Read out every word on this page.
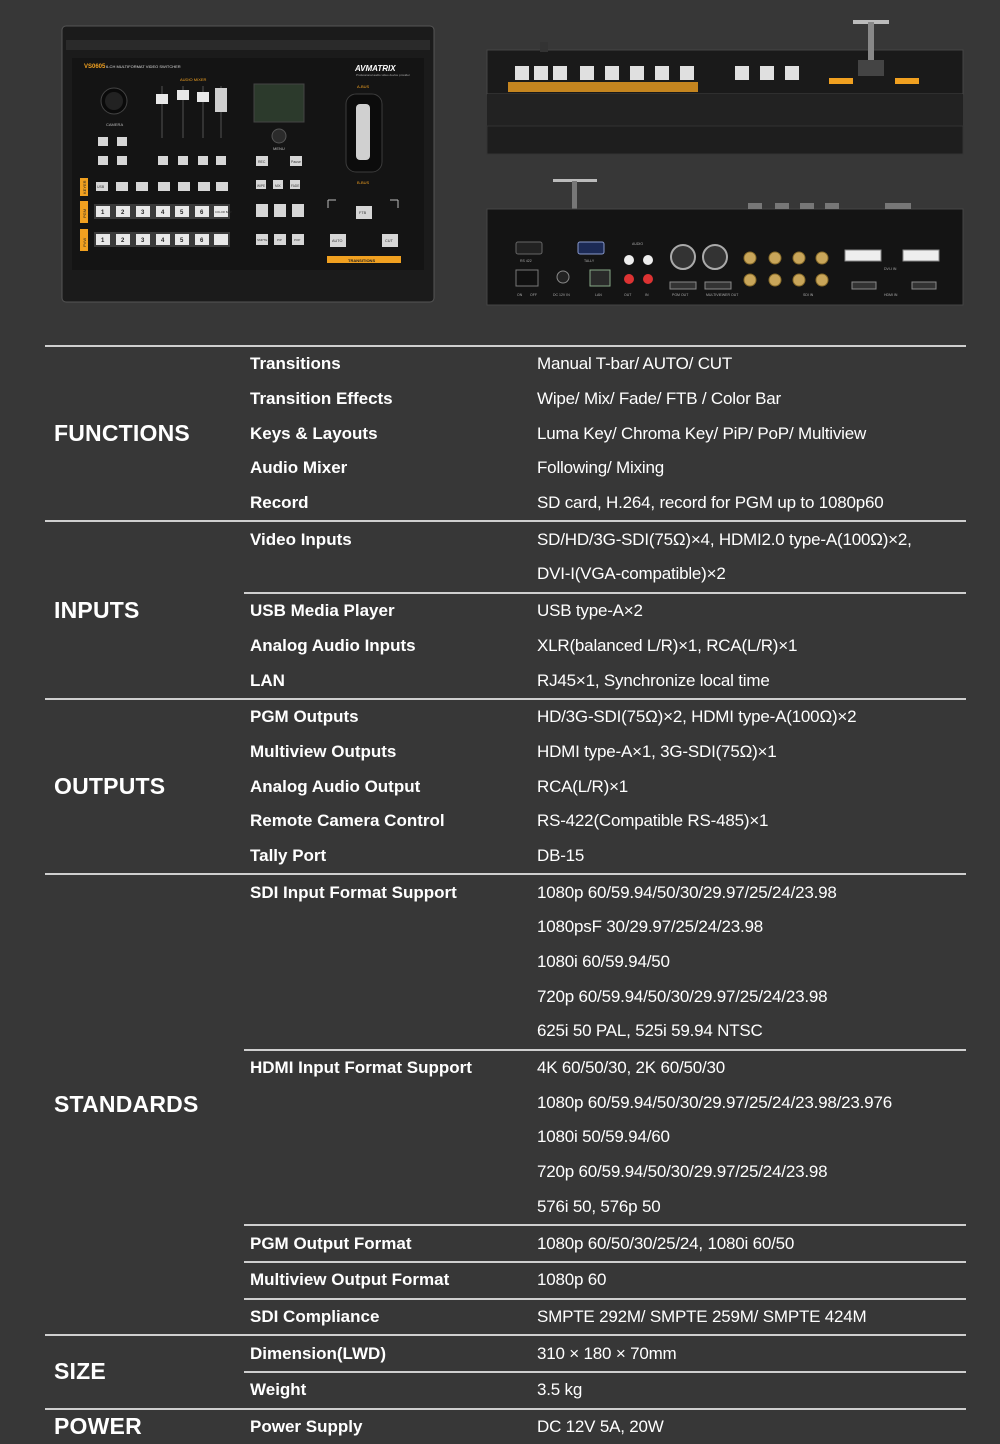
VS0605 6-CH MULTIFORMAT VIDEO SWITCHER	AVMATRIX
Professional audio video device provider
AUDIO MIXER
CAMERA
MENU
A-BUS
B-BUS
REC	Pause
WIPE	MIX	FADE
KEYER	USB
PGM 1	2	3	4	5	6
PVW 1	2	3	4	5	6
COLOR BAR	FTB
SMPTE	PIP	POP	AUTO	CUT
TRANSITIONS	RS 422	TALLY
AUDIO
ON OFF	DC 12V IN	LAN	OUT	IN	PGM OUT	MULTIVIEWER OUT	SDI IN
DVI-I IN
HDMI IN
FUNCTIONS	Transitions	Manual T-bar/ AUTO/ CUT
	Transition Effects	Wipe/ Mix/ Fade/ FTB / Color Bar
	Keys & Layouts	Luma Key/ Chroma Key/ PiP/ PoP/ Multiview
	Audio Mixer	Following/ Mixing
	Record	SD card, H.264, record for PGM up to 1080p60
INPUTS	Video Inputs	SD/HD/3G-SDI(75Ω)×4, HDMI2.0 type-A(100Ω)×2,
		DVI-I(VGA-compatible)×2
	USB Media Player	USB type-A×2
	Analog Audio Inputs	XLR(balanced L/R)×1, RCA(L/R)×1
	LAN	RJ45×1, Synchronize local time
OUTPUTS	PGM Outputs	HD/3G-SDI(75Ω)×2, HDMI type-A(100Ω)×2
	Multiview Outputs	HDMI type-A×1, 3G-SDI(75Ω)×1
	Analog Audio Output	RCA(L/R)×1
	Remote Camera Control	RS-422(Compatible RS-485)×1
	Tally Port	DB-15
STANDARDS	SDI Input Format Support	1080p 60/59.94/50/30/29.97/25/24/23.98
		1080psF 30/29.97/25/24/23.98
		1080i 60/59.94/50
		720p 60/59.94/50/30/29.97/25/24/23.98
		625i 50 PAL, 525i 59.94 NTSC
	HDMI Input Format Support	4K 60/50/30, 2K 60/50/30
		1080p 60/59.94/50/30/29.97/25/24/23.98/23.976
		1080i 50/59.94/60
		720p 60/59.94/50/30/29.97/25/24/23.98
		576i 50, 576p 50
	PGM Output Format	1080p 60/50/30/25/24, 1080i 60/50
	Multiview Output Format	1080p 60
	SDI Compliance	SMPTE 292M/ SMPTE 259M/ SMPTE 424M
SIZE	Dimension(LWD)	310 × 180 × 70mm
	Weight	3.5 kg
POWER	Power Supply	DC 12V 5A, 20W
